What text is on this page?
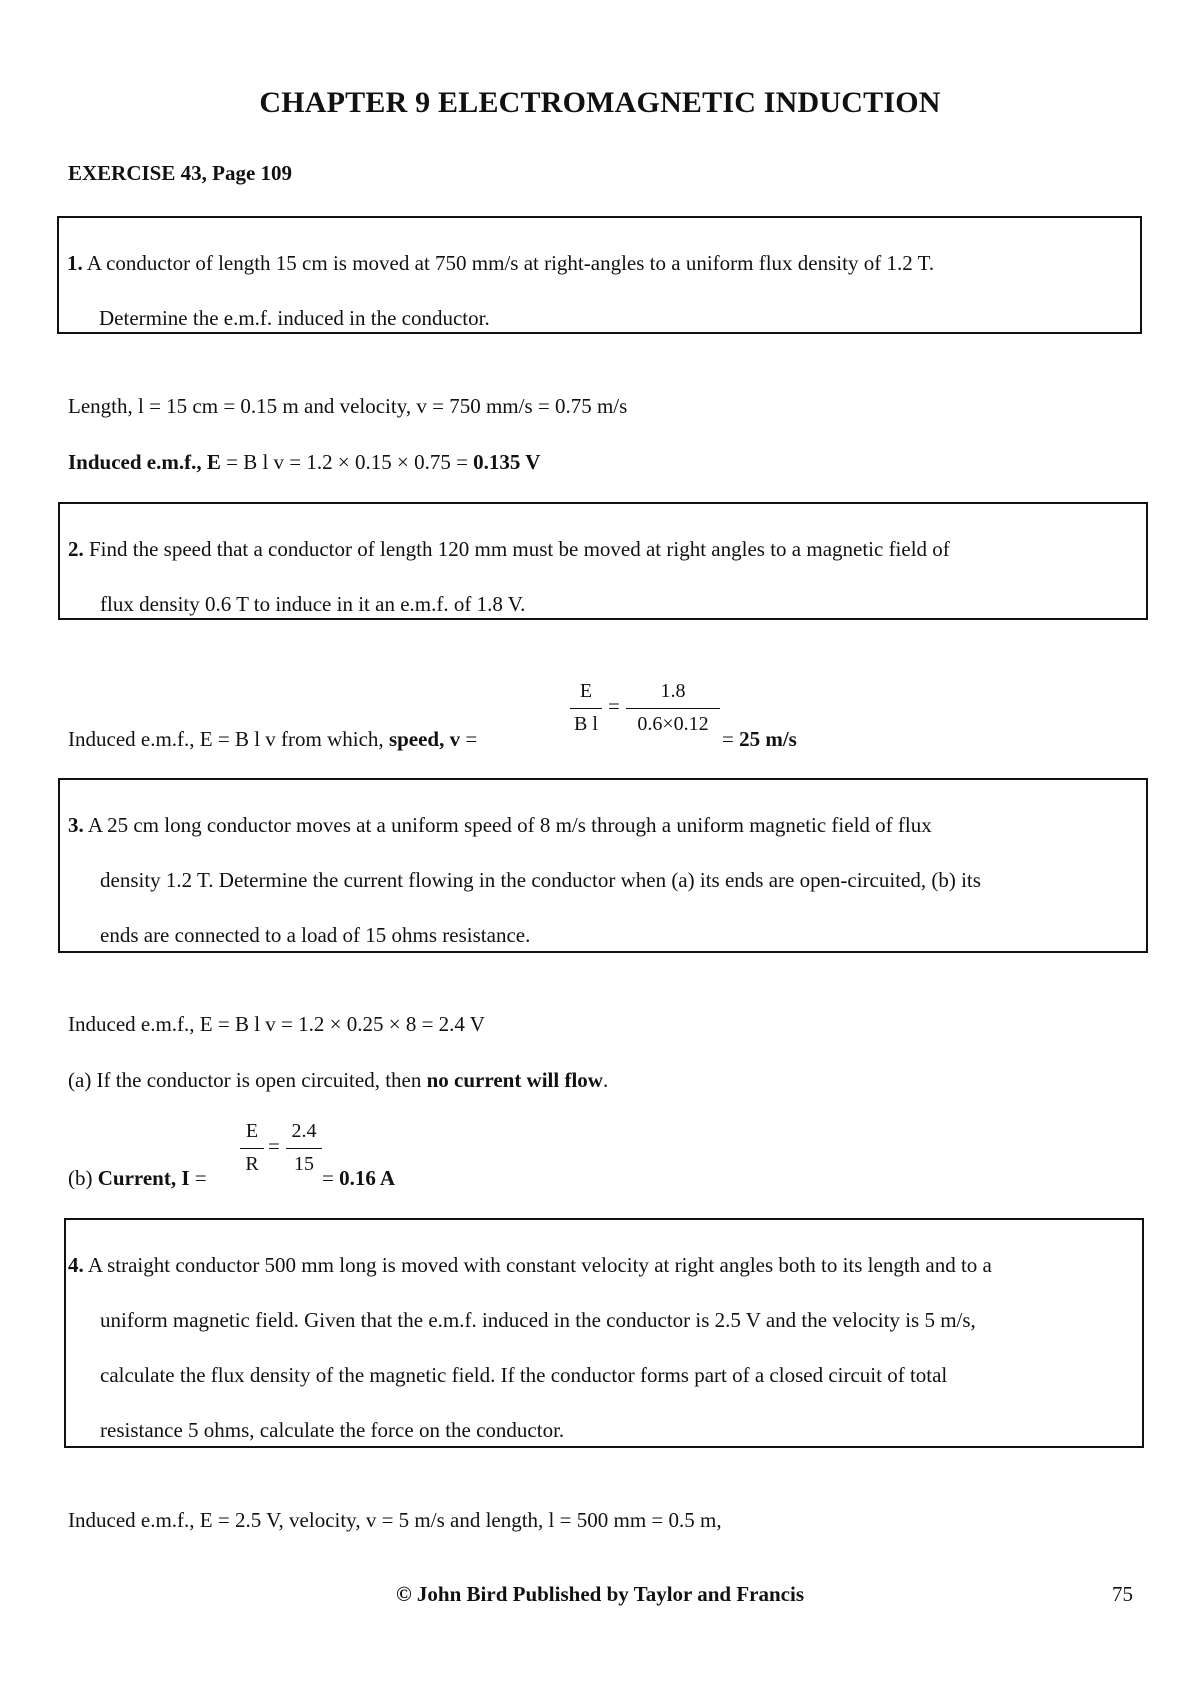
CHAPTER 9 ELECTROMAGNETIC INDUCTION
EXERCISE 43, Page 109
1. A conductor of length 15 cm is moved at 750 mm/s at right-angles to a uniform flux density of 1.2 T.
Determine the e.m.f. induced in the conductor.
Length, l = 15 cm = 0.15 m and velocity, v = 750 mm/s = 0.75 m/s
Induced e.m.f., E = B l v = 1.2 × 0.15 × 0.75 = 0.135 V
2. Find the speed that a conductor of length 120 mm must be moved at right angles to a magnetic field of
flux density 0.6 T to induce in it an e.m.f. of 1.8 V.
Induced e.m.f., E = B l v from which, speed, v =
E
B l
=
1.8
0.6×0.12
= 25 m/s
3. A 25 cm long conductor moves at a uniform speed of 8 m/s through a uniform magnetic field of flux
density 1.2 T. Determine the current flowing in the conductor when (a) its ends are open-circuited, (b) its
ends are connected to a load of 15 ohms resistance.
Induced e.m.f., E = B l v = 1.2 × 0.25 × 8 = 2.4 V
(a) If the conductor is open circuited, then no current will flow.
(b) Current, I =
E
R
=
2.4
15
= 0.16 A
4. A straight conductor 500 mm long is moved with constant velocity at right angles both to its length and to a
uniform magnetic field. Given that the e.m.f. induced in the conductor is 2.5 V and the velocity is 5 m/s,
calculate the flux density of the magnetic field. If the conductor forms part of a closed circuit of total
resistance 5 ohms, calculate the force on the conductor.
Induced e.m.f., E = 2.5 V, velocity, v = 5 m/s and length, l = 500 mm = 0.5 m,
© John Bird Published by Taylor and Francis	75
